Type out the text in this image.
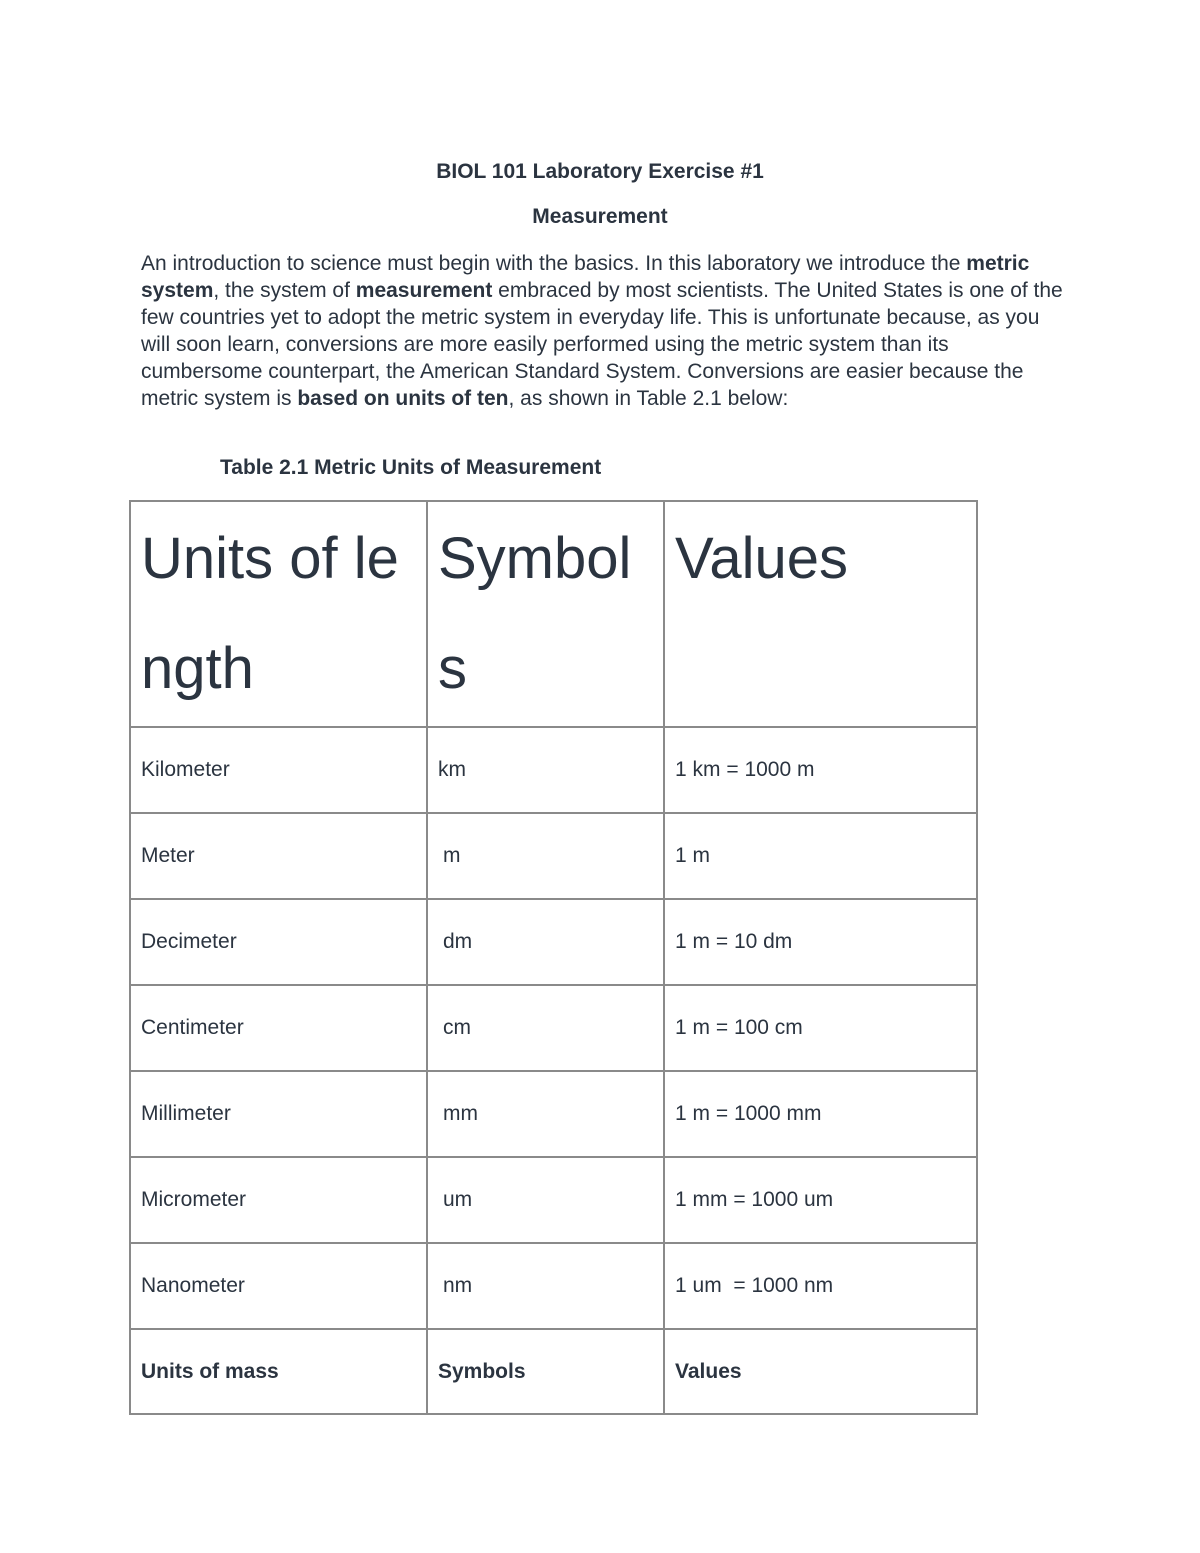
BIOL 101 Laboratory Exercise #1
Measurement

An introduction to science must begin with the basics. In this laboratory we introduce the metric system, the system of measurement embraced by most scientists. The United States is one of the few countries yet to adopt the metric system in everyday life. This is unfortunate because, as you will soon learn, conversions are more easily performed using the metric system than its cumbersome counterpart, the American Standard System. Conversions are easier because the metric system is based on units of ten, as shown in Table 2.1 below:

Table 2.1 Metric Units of Measurement
Units of length	Symbols	Values
Kilometer	km	1 km = 1000 m
Meter	m	1 m
Decimeter	dm	1 m = 10 dm
Centimeter	cm	1 m = 100 cm
Millimeter	mm	1 m = 1000 mm
Micrometer	um	1 mm = 1000 um
Nanometer	nm	1 um  = 1000 nm
Units of mass	Symbols	Values
